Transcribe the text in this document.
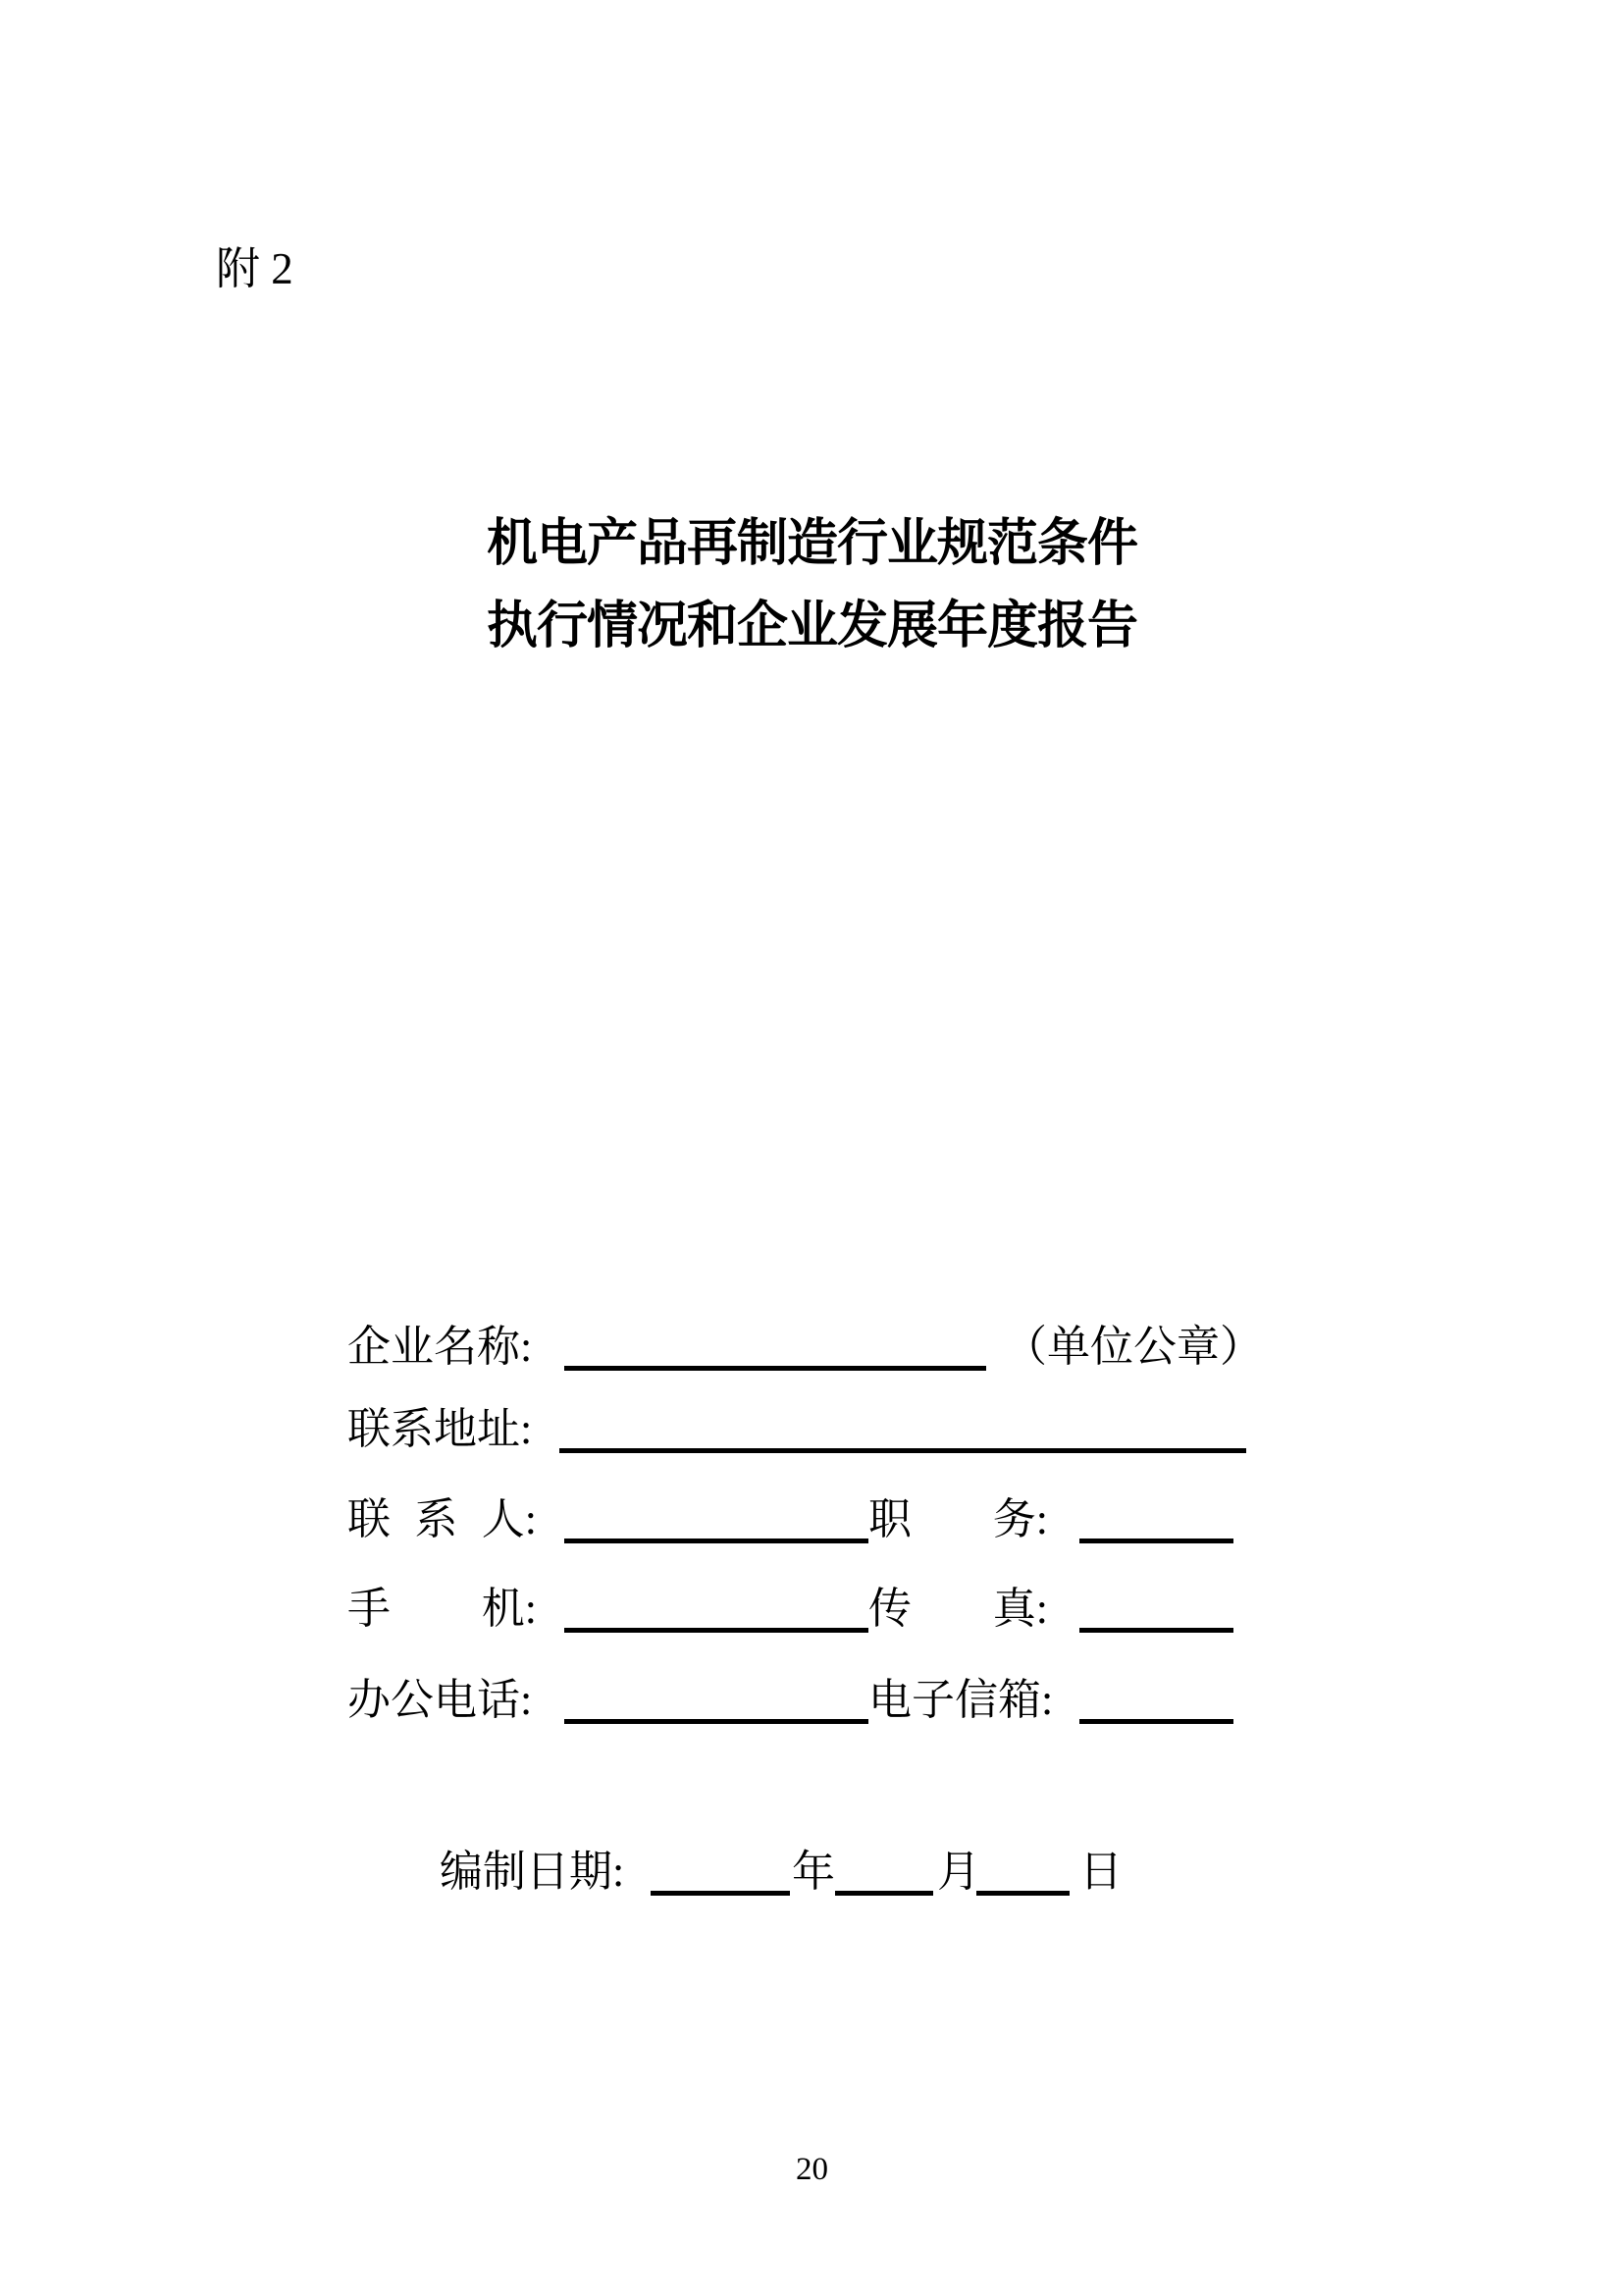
附 2
机电产品再制造行业规范条件
执行情况和企业发展年度报告
企业名称:	（单位公章）
联系地址:
联 系 人:	职 务:
手 机:	传 真:
办公电话:	电子信箱:
编制日期:	年 月 日
20
